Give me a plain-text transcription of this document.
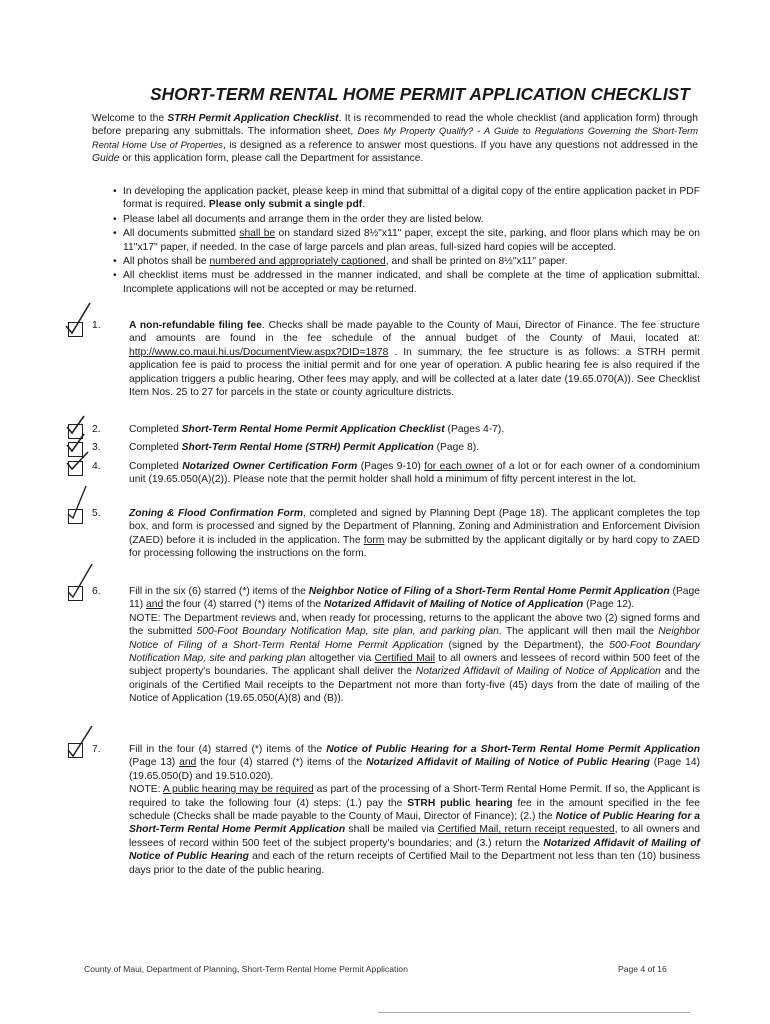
SHORT-TERM RENTAL HOME PERMIT APPLICATION CHECKLIST
Welcome to the STRH Permit Application Checklist. It is recommended to read the whole checklist (and application form) through before preparing any submittals. The information sheet, Does My Property Qualify? - A Guide to Regulations Governing the Short-Term Rental Home Use of Properties, is designed as a reference to answer most questions. If you have any questions not addressed in the Guide or this application form, please call the Department for assistance.
• In developing the application packet, please keep in mind that submittal of a digital copy of the entire application packet in PDF format is required. Please only submit a single pdf.
• Please label all documents and arrange them in the order they are listed below.
• All documents submitted shall be on standard sized 8½"x11" paper, except the site, parking, and floor plans which may be on 11"x17" paper, if needed. In the case of large parcels and plan areas, full-sized hard copies will be accepted.
• All photos shall be numbered and appropriately captioned, and shall be printed on 8½"x11" paper.
• All checklist items must be addressed in the manner indicated, and shall be complete at the time of application submittal. Incomplete applications will not be accepted or may be returned.
1.	A non-refundable filing fee. Checks shall be made payable to the County of Maui, Director of Finance. The fee structure and amounts are found in the fee schedule of the annual budget of the County of Maui, located at: http://www.co.maui.hi.us/DocumentView.aspx?DID=1878 . In summary, the fee structure is as follows: a STRH permit application fee is paid to process the initial permit and for one year of operation. A public hearing fee is also required if the application triggers a public hearing. Other fees may apply, and will be collected at a later date (19.65.070(A)). See Checklist Item Nos. 25 to 27 for parcels in the state or county agriculture districts.
2.	Completed Short-Term Rental Home Permit Application Checklist (Pages 4-7).
3.	Completed Short-Term Rental Home (STRH) Permit Application (Page 8).
4.	Completed Notarized Owner Certification Form (Pages 9-10) for each owner of a lot or for each owner of a condominium unit (19.65.050(A)(2)). Please note that the permit holder shall hold a minimum of fifty percent interest in the lot.
5.	Zoning & Flood Confirmation Form, completed and signed by Planning Dept (Page 18). The applicant completes the top box, and form is processed and signed by the Department of Planning, Zoning and Administration and Enforcement Division (ZAED) before it is included in the application. The form may be submitted by the applicant digitally or by hard copy to ZAED for processing following the instructions on the form.
6.	Fill in the six (6) starred (*) items of the Neighbor Notice of Filing of a Short-Term Rental Home Permit Application (Page 11) and the four (4) starred (*) items of the Notarized Affidavit of Mailing of Notice of Application (Page 12).
NOTE: The Department reviews and, when ready for processing, returns to the applicant the above two (2) signed forms and the submitted 500-Foot Boundary Notification Map, site plan, and parking plan. The applicant will then mail the Neighbor Notice of Filing of a Short-Term Rental Home Permit Application (signed by the Department), the 500-Foot Boundary Notification Map, site and parking plan altogether via Certified Mail to all owners and lessees of record within 500 feet of the subject property's boundaries. The applicant shall deliver the Notarized Affidavit of Mailing of Notice of Application and the originals of the Certified Mail receipts to the Department not more than forty-five (45) days from the date of mailing of the Notice of Application (19.65.050(A)(8) and (B)).
7.	Fill in the four (4) starred (*) items of the Notice of Public Hearing for a Short-Term Rental Home Permit Application (Page 13) and the four (4) starred (*) items of the Notarized Affidavit of Mailing of Notice of Public Hearing (Page 14) (19.65.050(D) and 19.510.020).
NOTE: A public hearing may be required as part of the processing of a Short-Term Rental Home Permit. If so, the Applicant is required to take the following four (4) steps: (1.) pay the STRH public hearing fee in the amount specified in the fee schedule (Checks shall be made payable to the County of Maui, Director of Finance); (2.) the Notice of Public Hearing for a Short-Term Rental Home Permit Application shall be mailed via Certified Mail, return receipt requested, to all owners and lessees of record within 500 feet of the subject property's boundaries; and (3.) return the Notarized Affidavit of Mailing of Notice of Public Hearing and each of the return receipts of Certified Mail to the Department not less than ten (10) business days prior to the date of the public hearing.
County of Maui, Department of Planning, Short-Term Rental Home Permit Application	Page 4 of 16
